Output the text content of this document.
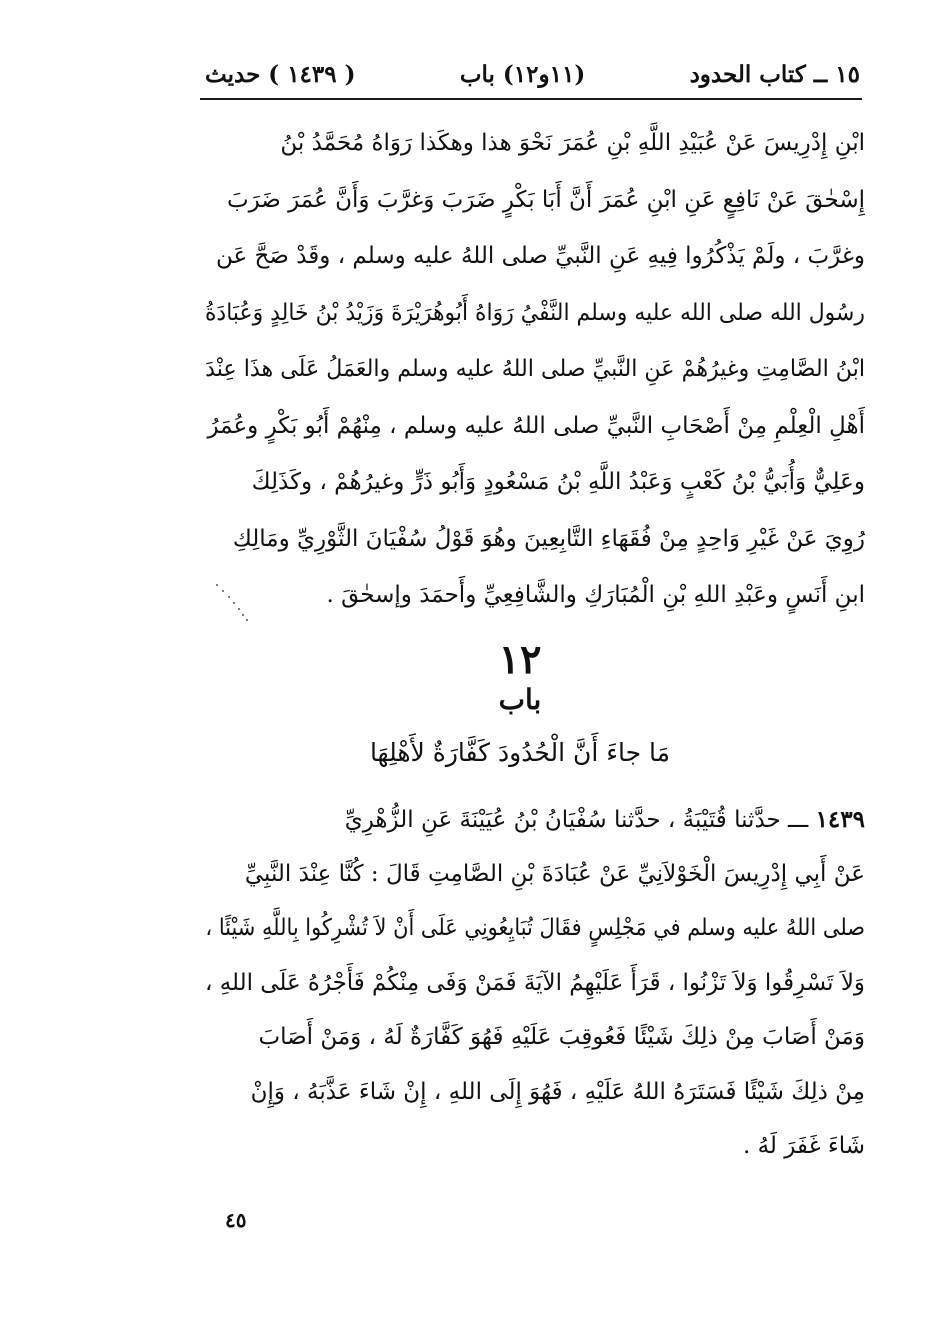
١٥ ــ كتاب الحدود
(١١و١٢) باب
( ١٤٣٩ ) حديث
ابْنِ إِدْرِيسَ عَنْ عُبَيْدِ اللَّهِ بْنِ عُمَرَ نَحْوَ هذا وهكَذا رَوَاهُ مُحَمَّدُ بْنُ
إِسْحٰقَ عَنْ نَافِعٍ عَنِ ابْنِ عُمَرَ أَنَّ أَبَا بَكْرٍ ضَرَبَ وَغرَّبَ وَأَنَّ عُمَرَ ضَرَبَ
وغرَّبَ ، ولَمْ يَذْكُرُوا فِيهِ عَنِ النَّبيِّ صلى اللهُ عليه وسلم ، وقَدْ صَحَّ عَن
رسُول الله صلى الله عليه وسلم النَّفْيُ رَوَاهُ أَبُوهُرَيْرَةَ وَزَيْدُ بْنُ خَالِدٍ وَعُبَادَةُ
ابْنُ الصَّامِتِ وغيرُهُمْ عَنِ النَّبيِّ صلى اللهُ عليه وسلم والعَمَلُ عَلَى هذَا عِنْدَ
أَهْلِ الْعِلْمِ مِنْ أَصْحَابِ النَّبيِّ صلى اللهُ عليه وسلم ، مِنْهُمْ أَبُو بَكْرٍ وعُمَرُ
وعَلِيٌّ وَأُبَيُّ بْنُ كَعْبٍ وَعَبْدُ اللَّهِ بْنُ مَسْعُودٍ وَأَبُو ذَرٍّ وغيرُهُمْ ، وكَذَلِكَ
رُوِيَ عَنْ غَيْرِ وَاحِدٍ مِنْ فُقَهَاءِ التَّابِعِينَ وهُوَ قَوْلُ سُفْيَانَ الثَّوْرِيِّ ومَالِكِ
ابنِ أَنَسٍ وعَبْدِ اللهِ بْنِ الْمُبَارَكِ والشَّافِعِيِّ وأَحمَدَ وإسحٰقَ .
١٢
باب
مَا جاءَ أَنَّ الْحُدُودَ كَفَّارَةٌ لأَهْلِهَا
١٤٣٩ ـــ حدَّثنا قُتَيْبَةُ ، حدَّثنا سُفْيَانُ بْنُ عُيَيْنَةَ عَنِ الزُّهْرِيِّ
عَنْ أَبِي إِدْرِيسَ الْخَوْلاَنِيِّ عَنْ عُبَادَةَ بْنِ الصَّامِتِ قَالَ : كُنَّا عِنْدَ النَّبِيِّ
صلى اللهُ عليه وسلم في مَجْلِسٍ فقَالَ تُبَايِعُونِي عَلَى أَنْ لاَ تُشْرِكُوا بِاللَّهِ شَيْئًا ،
وَلاَ تَسْرِقُوا وَلاَ تَزْنُوا ، قَرَأَ عَلَيْهِمُ الآيَةَ فَمَنْ وَفَى مِنْكُمْ فَأَجْرُهُ عَلَى اللهِ ،
وَمَنْ أَصَابَ مِنْ ذلِكَ شَيْئًا فَعُوقِبَ عَلَيْهِ فَهُوَ كَفَّارَةٌ لَهُ ، وَمَنْ أَصَابَ
مِنْ ذلِكَ شَيْئًا فَسَتَرَهُ اللهُ عَلَيْهِ ، فَهُوَ إِلَى اللهِ ، إِنْ شَاءَ عَذَّبَهُ ، وَإِنْ
شَاءَ غَفَرَ لَهُ .
٤٥
